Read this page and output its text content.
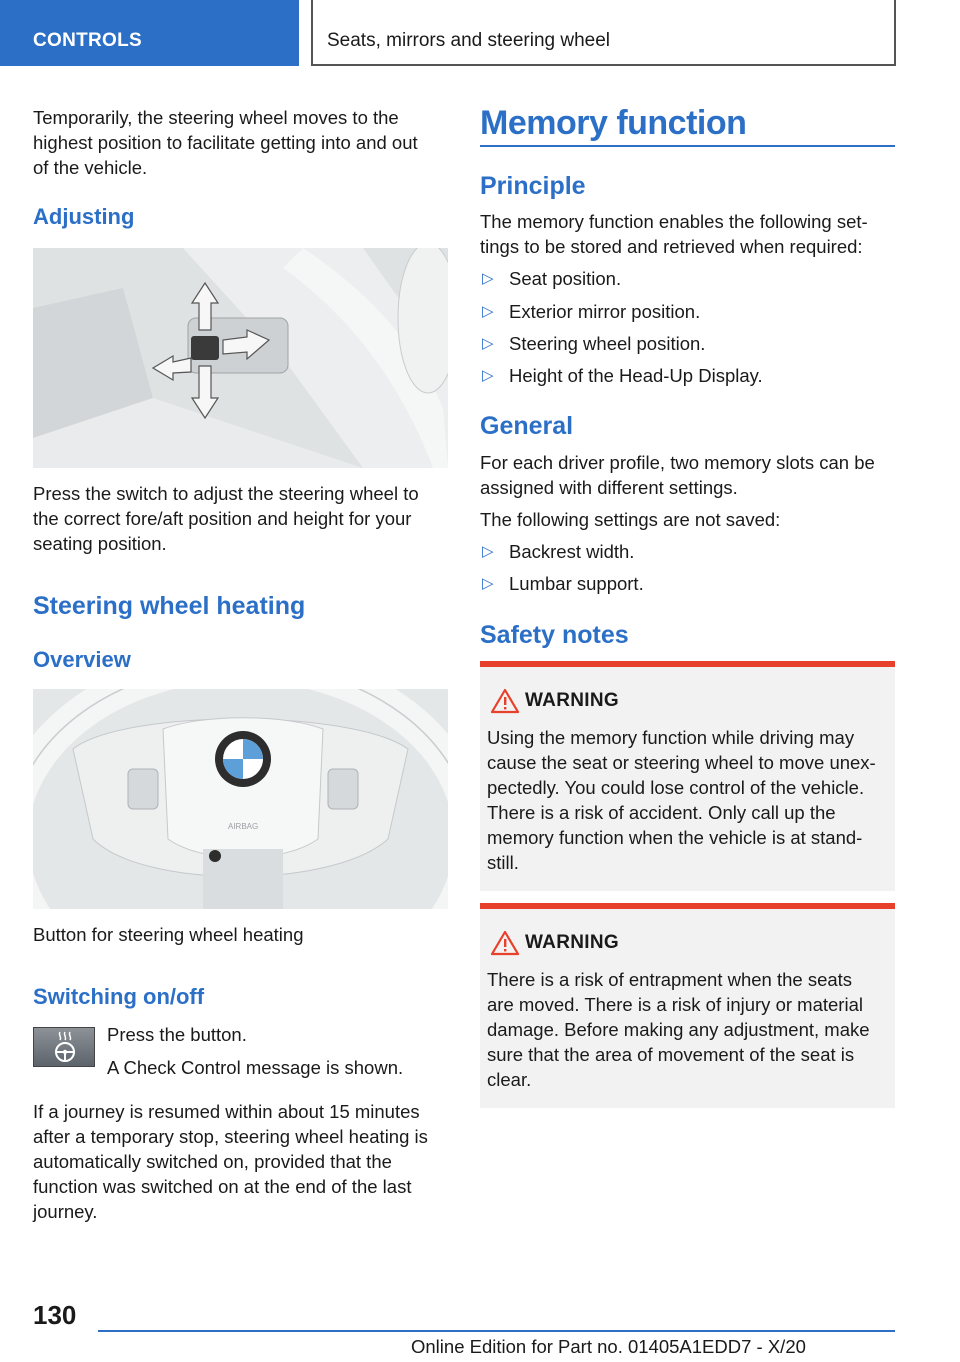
CONTROLS	Seats, mirrors and steering wheel
Temporarily, the steering wheel moves to the
highest position to facilitate getting into and out
of the vehicle.
Adjusting
Press the switch to adjust the steering wheel to
the correct fore/aft position and height for your
seating position.
Steering wheel heating
Overview
AIRBAG
Button for steering wheel heating
Switching on/off
Press the button.
A Check Control message is shown.
If a journey is resumed within about 15 minutes
after a temporary stop, steering wheel heating is
automatically switched on, provided that the
function was switched on at the end of the last
journey.
Memory function
Principle
The memory function enables the following set-
tings to be stored and retrieved when required:
▷ Seat position.
▷ Exterior mirror position.
▷ Steering wheel position.
▷ Height of the Head-Up Display.
General
For each driver profile, two memory slots can be
assigned with different settings.
The following settings are not saved:
▷ Backrest width.
▷ Lumbar support.
Safety notes
WARNING
Using the memory function while driving may
cause the seat or steering wheel to move unex-
pectedly. You could lose control of the vehicle.
There is a risk of accident. Only call up the
memory function when the vehicle is at stand-
still.
WARNING
There is a risk of entrapment when the seats
are moved. There is a risk of injury or material
damage. Before making any adjustment, make
sure that the area of movement of the seat is
clear.
130
Online Edition for Part no. 01405A1EDD7 - X/20
